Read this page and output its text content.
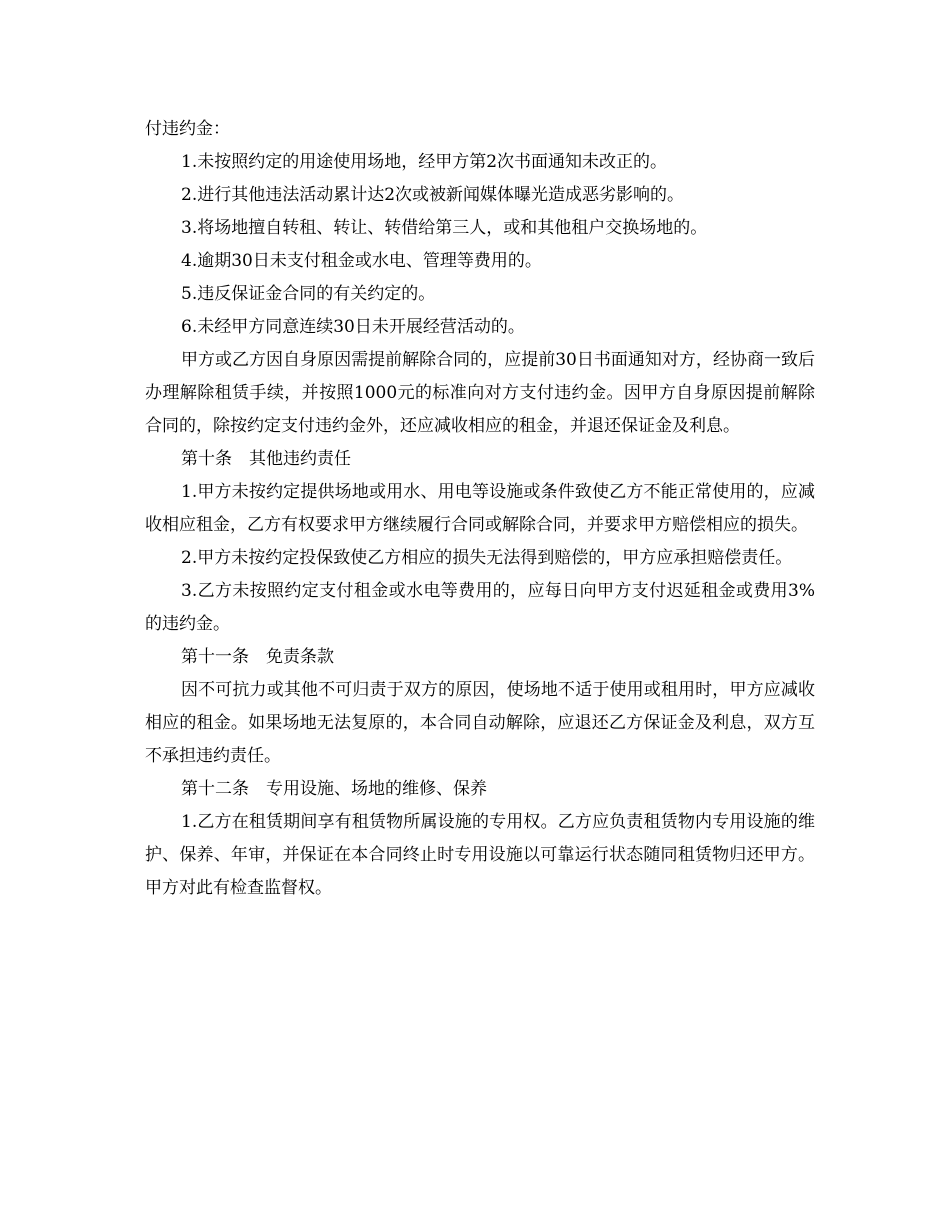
付违约金：

1.未按照约定的用途使用场地，经甲方第2次书面通知未改正的。

2.进行其他违法活动累计达2次或被新闻媒体曝光造成恶劣影响的。

3.将场地擅自转租、转让、转借给第三人，或和其他租户交换场地的。

4.逾期30日未支付租金或水电、管理等费用的。

5.违反保证金合同的有关约定的。

6.未经甲方同意连续30日未开展经营活动的。

甲方或乙方因自身原因需提前解除合同的，应提前30日书面通知对方，经协商一致后办理解除租赁手续，并按照1000元的标准向对方支付违约金。因甲方自身原因提前解除合同的，除按约定支付违约金外，还应减收相应的租金，并退还保证金及利息。

第十条　其他违约责任

1.甲方未按约定提供场地或用水、用电等设施或条件致使乙方不能正常使用的，应减收相应租金，乙方有权要求甲方继续履行合同或解除合同，并要求甲方赔偿相应的损失。

2.甲方未按约定投保致使乙方相应的损失无法得到赔偿的，甲方应承担赔偿责任。

3.乙方未按照约定支付租金或水电等费用的，应每日向甲方支付迟延租金或费用3%的违约金。

第十一条　免责条款

因不可抗力或其他不可归责于双方的原因，使场地不适于使用或租用时，甲方应减收相应的租金。如果场地无法复原的，本合同自动解除，应退还乙方保证金及利息，双方互不承担违约责任。

第十二条　专用设施、场地的维修、保养

1.乙方在租赁期间享有租赁物所属设施的专用权。乙方应负责租赁物内专用设施的维护、保养、年审，并保证在本合同终止时专用设施以可靠运行状态随同租赁物归还甲方。甲方对此有检查监督权。
